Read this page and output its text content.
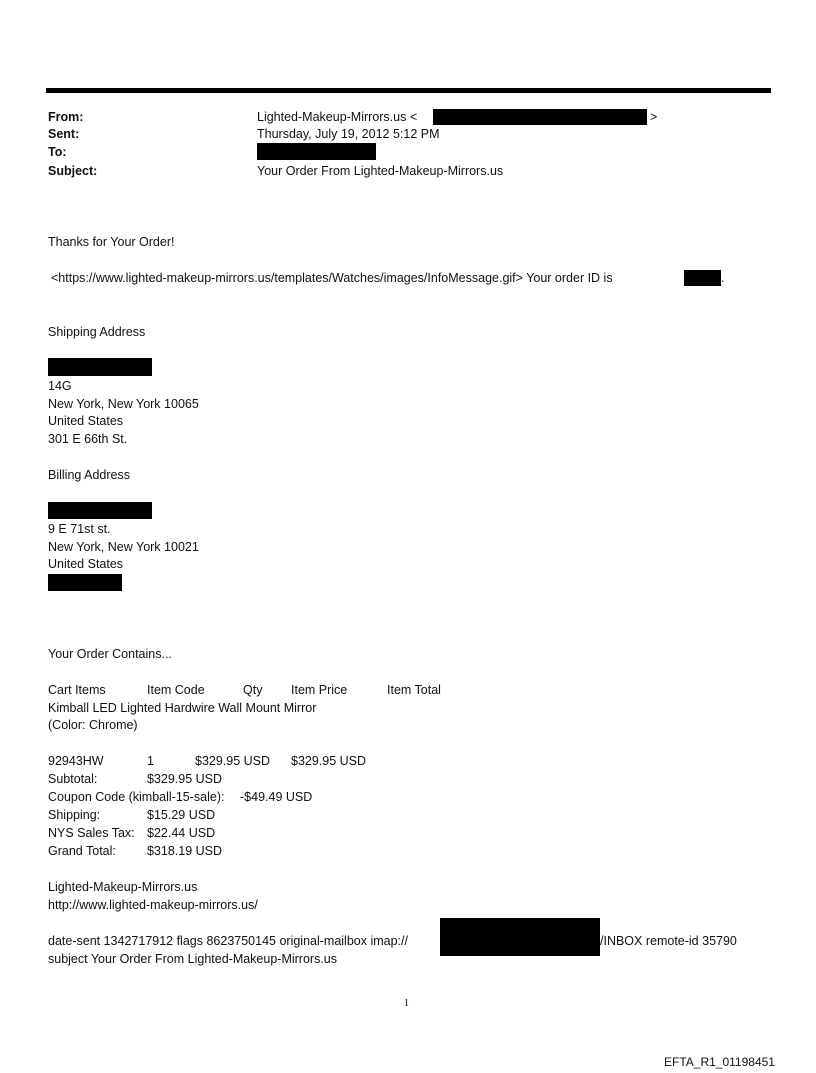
From:	Lighted-Makeup-Mirrors.us <	>
Sent:	Thursday, July 19, 2012 5:12 PM
To:
Subject:	Your Order From Lighted-Makeup-Mirrors.us
Thanks for Your Order!
<https://www.lighted-makeup-mirrors.us/templates/Watches/images/InfoMessage.gif> Your order ID is	.
Shipping Address
14G
New York, New York 10065
United States
301 E 66th St.
Billing Address
9 E 71st st.
New York, New York 10021
United States
Your Order Contains...
Cart Items	Item Code	Qty Item Price	Item Total
Kimball LED Lighted Hardwire Wall Mount Mirror
(Color: Chrome)
92943HW	1	$329.95 USD $329.95 USD
Subtotal:	$329.95 USD
Coupon Code (kimball-15-sale): -$49.49 USD
Shipping:	$15.29 USD
NYS Sales Tax: $22.44 USD
Grand Total: $318.19 USD
Lighted-Makeup-Mirrors.us
http://www.lighted-makeup-mirrors.us/
date-sent 1342717912 flags 8623750145 original-mailbox imap://	/INBOX remote-id 35790
subject Your Order From Lighted-Makeup-Mirrors.us
1
EFTA_R1_01198451
